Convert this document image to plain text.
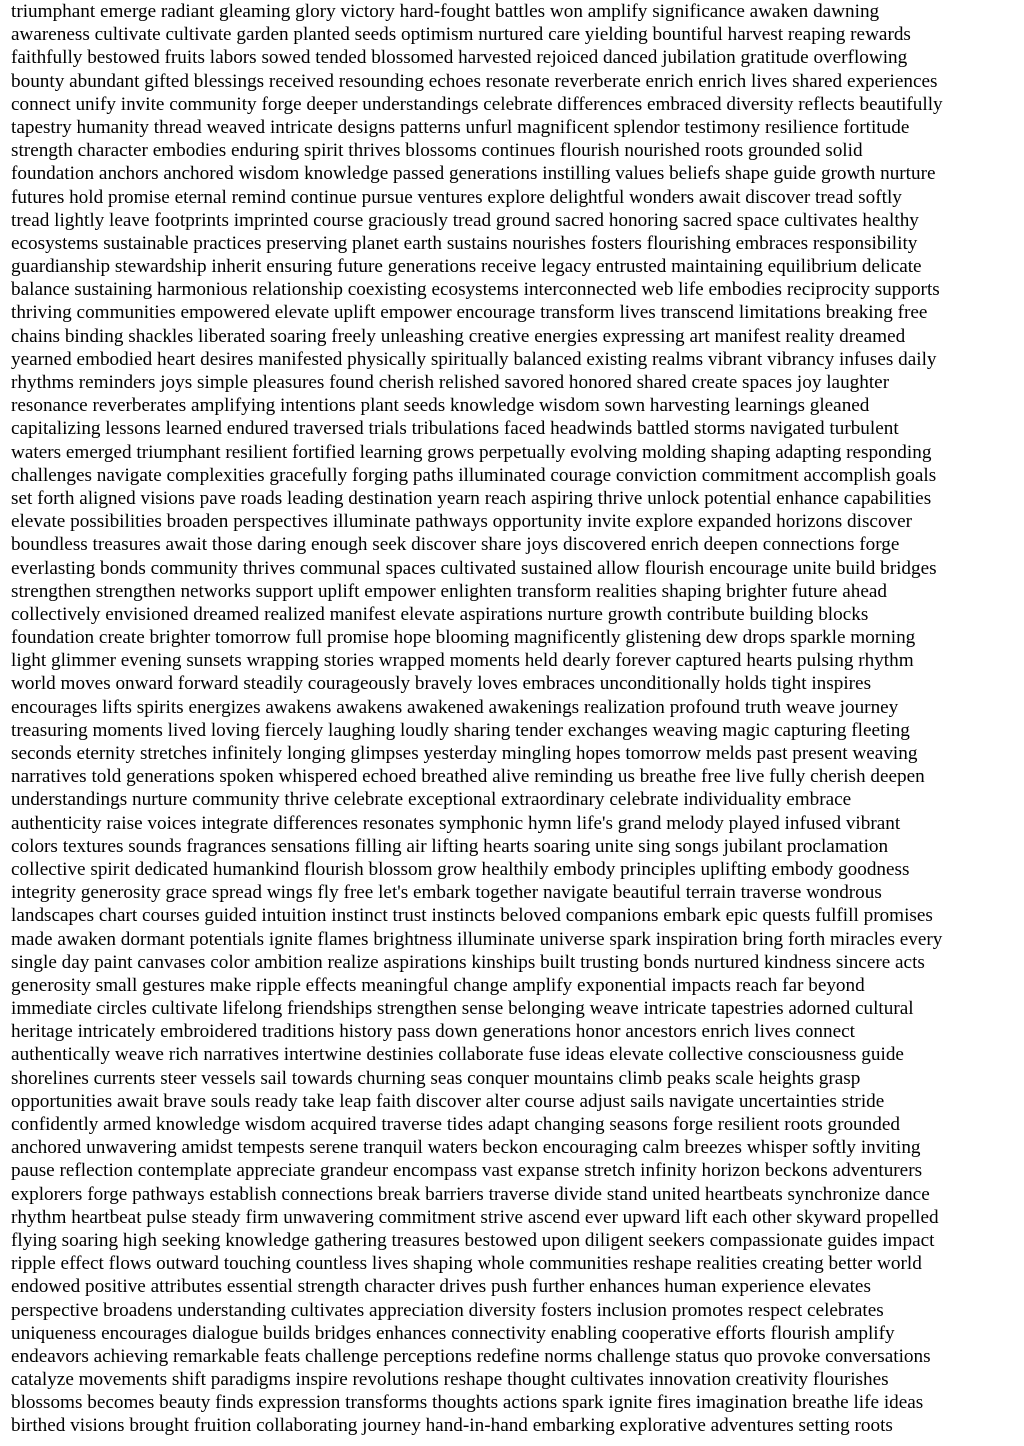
triumphant emerge radiant gleaming glory victory hard-fought battles won amplify significance awaken dawning
awareness cultivate cultivate garden planted seeds optimism nurtured care yielding bountiful harvest reaping rewards
faithfully bestowed fruits labors sowed tended blossomed harvested rejoiced danced jubilation gratitude overflowing
bounty abundant gifted blessings received resounding echoes resonate reverberate enrich enrich lives shared experiences
connect unify invite community forge deeper understandings celebrate differences embraced diversity reflects beautifully
tapestry humanity thread weaved intricate designs patterns unfurl magnificent splendor testimony resilience fortitude
strength character embodies enduring spirit thrives blossoms continues flourish nourished roots grounded solid
foundation anchors anchored wisdom knowledge passed generations instilling values beliefs shape guide growth nurture
futures hold promise eternal remind continue pursue ventures explore delightful wonders await discover tread softly
tread lightly leave footprints imprinted course graciously tread ground sacred honoring sacred space cultivates healthy
ecosystems sustainable practices preserving planet earth sustains nourishes fosters flourishing embraces responsibility
guardianship stewardship inherit ensuring future generations receive legacy entrusted maintaining equilibrium delicate
balance sustaining harmonious relationship coexisting ecosystems interconnected web life embodies reciprocity supports
thriving communities empowered elevate uplift empower encourage transform lives transcend limitations breaking free
chains binding shackles liberated soaring freely unleashing creative energies expressing art manifest reality dreamed
yearned embodied heart desires manifested physically spiritually balanced existing realms vibrant vibrancy infuses daily
rhythms reminders joys simple pleasures found cherish relished savored honored shared create spaces joy laughter
resonance reverberates amplifying intentions plant seeds knowledge wisdom sown harvesting learnings gleaned
capitalizing lessons learned endured traversed trials tribulations faced headwinds battled storms navigated turbulent
waters emerged triumphant resilient fortified learning grows perpetually evolving molding shaping adapting responding
challenges navigate complexities gracefully forging paths illuminated courage conviction commitment accomplish goals
set forth aligned visions pave roads leading destination yearn reach aspiring thrive unlock potential enhance capabilities
elevate possibilities broaden perspectives illuminate pathways opportunity invite explore expanded horizons discover
boundless treasures await those daring enough seek discover share joys discovered enrich deepen connections forge
everlasting bonds community thrives communal spaces cultivated sustained allow flourish encourage unite build bridges
strengthen strengthen networks support uplift empower enlighten transform realities shaping brighter future ahead
collectively envisioned dreamed realized manifest elevate aspirations nurture growth contribute building blocks
foundation create brighter tomorrow full promise hope blooming magnificently glistening dew drops sparkle morning
light glimmer evening sunsets wrapping stories wrapped moments held dearly forever captured hearts pulsing rhythm
world moves onward forward steadily courageously bravely loves embraces unconditionally holds tight inspires
encourages lifts spirits energizes awakens awakens awakened awakenings realization profound truth weave journey
treasuring moments lived loving fiercely laughing loudly sharing tender exchanges weaving magic capturing fleeting
seconds eternity stretches infinitely longing glimpses yesterday mingling hopes tomorrow melds past present weaving
narratives told generations spoken whispered echoed breathed alive reminding us breathe free live fully cherish deepen
understandings nurture community thrive celebrate exceptional extraordinary celebrate individuality embrace
authenticity raise voices integrate differences resonates symphonic hymn life's grand melody played infused vibrant
colors textures sounds fragrances sensations filling air lifting hearts soaring unite sing songs jubilant proclamation
collective spirit dedicated humankind flourish blossom grow healthily embody principles uplifting embody goodness
integrity generosity grace spread wings fly free let's embark together navigate beautiful terrain traverse wondrous
landscapes chart courses guided intuition instinct trust instincts beloved companions embark epic quests fulfill promises
made awaken dormant potentials ignite flames brightness illuminate universe spark inspiration bring forth miracles every
single day paint canvases color ambition realize aspirations kinships built trusting bonds nurtured kindness sincere acts
generosity small gestures make ripple effects meaningful change amplify exponential impacts reach far beyond
immediate circles cultivate lifelong friendships strengthen sense belonging weave intricate tapestries adorned cultural
heritage intricately embroidered traditions history pass down generations honor ancestors enrich lives connect
authentically weave rich narratives intertwine destinies collaborate fuse ideas elevate collective consciousness guide
shorelines currents steer vessels sail towards churning seas conquer mountains climb peaks scale heights grasp
opportunities await brave souls ready take leap faith discover alter course adjust sails navigate uncertainties stride
confidently armed knowledge wisdom acquired traverse tides adapt changing seasons forge resilient roots grounded
anchored unwavering amidst tempests serene tranquil waters beckon encouraging calm breezes whisper softly inviting
pause reflection contemplate appreciate grandeur encompass vast expanse stretch infinity horizon beckons adventurers
explorers forge pathways establish connections break barriers traverse divide stand united heartbeats synchronize dance
rhythm heartbeat pulse steady firm unwavering commitment strive ascend ever upward lift each other skyward propelled
flying soaring high seeking knowledge gathering treasures bestowed upon diligent seekers compassionate guides impact
ripple effect flows outward touching countless lives shaping whole communities reshape realities creating better world
endowed positive attributes essential strength character drives push further enhances human experience elevates
perspective broadens understanding cultivates appreciation diversity fosters inclusion promotes respect celebrates
uniqueness encourages dialogue builds bridges enhances connectivity enabling cooperative efforts flourish amplify
endeavors achieving remarkable feats challenge perceptions redefine norms challenge status quo provoke conversations
catalyze movements shift paradigms inspire revolutions reshape thought cultivates innovation creativity flourishes
blossoms becomes beauty finds expression transforms thoughts actions spark ignite fires imagination breathe life ideas
birthed visions brought fruition collaborating journey hand-in-hand embarking explorative adventures setting roots
